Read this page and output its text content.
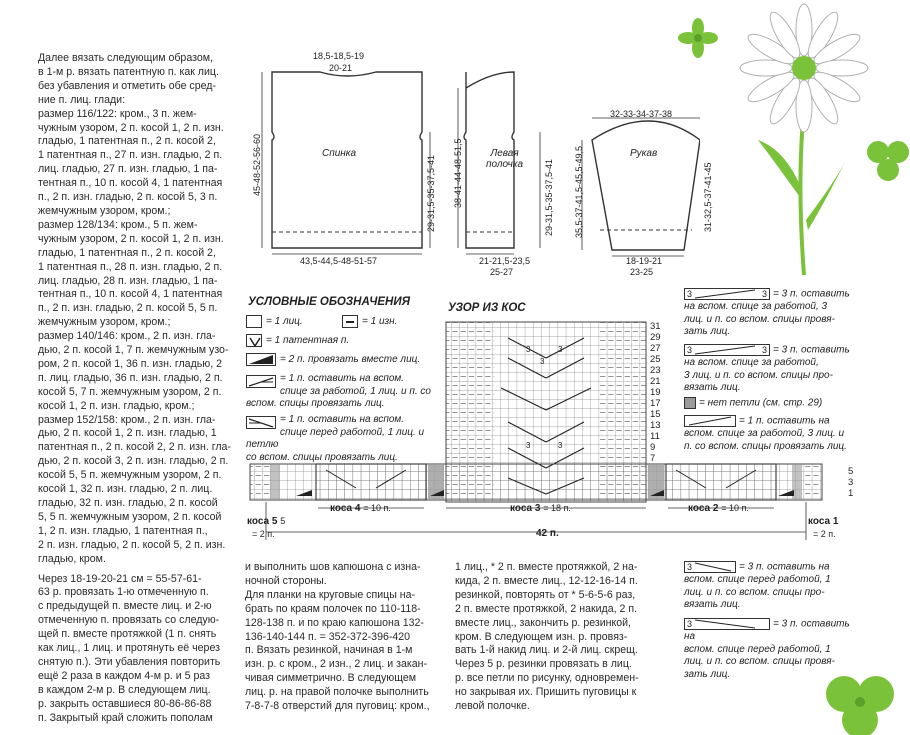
Далее вязать следующим образом,
в 1-м р. вязать патентную п. как лиц.
без убавления и отметить обе сред-
ние п. лиц. глади:
размер 116/122: кром., 3 п. жем-
чужным узором, 2 п. косой 1, 2 п. изн.
гладью, 1 патентная п., 2 п. косой 2,
1 патентная п., 27 п. изн. гладью, 2 п.
лиц. гладью, 27 п. изн. гладью, 1 па-
тентная п., 10 п. косой 4, 1 патентная
п., 2 п. изн. гладью, 2 п. косой 5, 3 п.
жемчужным узором, кром.;
размер 128/134: кром., 5 п. жем-
чужным узором, 2 п. косой 1, 2 п. изн.
гладью, 1 патентная п., 2 п. косой 2,
1 патентная п., 28 п. изн. гладью, 2 п.
лиц. гладью, 28 п. изн. гладью, 1 па-
тентная п., 10 п. косой 4, 1 патентная
п., 2 п. изн. гладью, 2 п. косой 5, 5 п.
жемчужным узором, кром.;
размер 140/146: кром., 2 п. изн. гла-
дью, 2 п. косой 1, 7 п. жемчужным узо-
ром, 2 п. косой 1, 36 п. изн. гладью, 2
п. лиц. гладью, 36 п. изн. гладью, 2 п.
косой 5, 7 п. жемчужным узором, 2 п.
косой 1, 2 п. изн. гладью, кром.;
размер 152/158: кром., 2 п. изн. гла-
дью, 2 п. косой 1, 2 п. изн. гладью, 1
патентная п., 2 п. косой 2, 2 п. изн. гла-
дью, 2 п. косой 3, 2 п. изн. гладью, 2 п.
косой 5, 5 п. жемчужным узором, 2 п.
косой 1, 32 п. изн. гладью, 2 п. лиц.
гладью, 32 п. изн. гладью, 2 п. косой
5, 5 п. жемчужным узором, 2 п. косой
1, 2 п. изн. гладью, 1 патентная п.,
2 п. изн. гладью, 2 п. косой 5, 2 п. изн.
гладью, кром.

Через 18-19-20-21 см = 55-57-61-
63 р. провязать 1-ю отмеченную п.
с предыдущей п. вместе лиц. и 2-ю
отмеченную п. провязать со следую-
щей п. вместе протяжкой (1 п. снять
как лиц., 1 лиц. и протянуть её через
снятую п.). Эти убавления повторить
ещё 2 раза в каждом 4-м р. и 5 раз
в каждом 2-м р. В следующем лиц.
р. закрыть оставшиеся 80-86-86-88
п. Закрытый край сложить пополам

и выполнить шов капюшона с изна-
ночной стороны.
Для планки на круговые спицы на-
брать по краям полочек по 110-118-
128-138 п. и по краю капюшона 132-
136-140-144 п. = 352-372-396-420
п. Вязать резинкой, начиная в 1-м
изн. р. с кром., 2 изн., 2 лиц. и закан-
чивая симметрично. В следующем
лиц. р. на правой полочке выполнить
7-8-7-8 отверстий для пуговиц: кром.,

1 лиц., * 2 п. вместе протяжкой, 2 на-
кида, 2 п. вместе лиц., 12-12-16-14 п.
резинкой, повторять от * 5-6-5-6 раз,
2 п. вместе протяжкой, 2 накида, 2 п.
вместе лиц., закончить р. резинкой,
кром. В следующем изн. р. провяз-
вать 1-й накид лиц. и 2-й лиц. скрещ.
Через 5 р. резинки провязать в лиц.
р. все петли по рисунку, одновремен-
но закрывая их. Пришить пуговицы к
левой полочке.

18,5-18,5-19
20-21
Спинка
45-48-52-56-60	29-31,5-35-37,5-41
43,5-44,5-48-51-57
Левая
полочка
38-41-44-48-51,5	29-31,5-35-37,5-41
21-21,5-23,5
25-27
32-33-34-37-38
Рукав
35,5-37-41,5-45,5-49,5	31-32,5-37-41-45
18-19-21
23-25
УСЛОВНЫЕ ОБОЗНАЧЕНИЯ
= 1 лиц.	= 1 изн.
= 1 патентная п.
= 2 п. провязать вместе лиц.
= 1 п. оставить на вспом.
спице за работой, 1 лиц. и п. со
вспом. спицы провязать лиц.
= 1 п. оставить на вспом.
спице перед работой, 1 лиц. и петлю
со вспом. спицы провязать лиц.
УЗОР ИЗ КОС
3	3
3
3	3
31
29
27
25
23
21
19
17
15
13
11
9
7
5
3
1
коса 5 5
= 2 п.
коса 4 = 10 п.	коса 3 = 18 п.	коса 2 = 10 п.
коса 1
= 2 п.
42 п.
3	3 = 3 п. оставить
на вспом. спице за работой, 3
лиц. и п. со вспом. спицы провя-
зать лиц.
3	3 = 3 п. оставить
на вспом. спице за работой,
3 лиц. и п. со вспом. спицы про-
вязать лиц.
= нет петли (см. стр. 29)
= 1 п. оставить на
вспом. спице за работой, 3 лиц. и
п. со вспом. спицы провязать лиц.
3	= 3 п. оставить на
вспом. спице перед работой, 1
лиц. и п. со вспом. спицы про-
вязать лиц.
3	= 3 п. оставить на
вспом. спице перед работой, 1
лиц. и п. со вспом. спицы провя-
зать лиц.
